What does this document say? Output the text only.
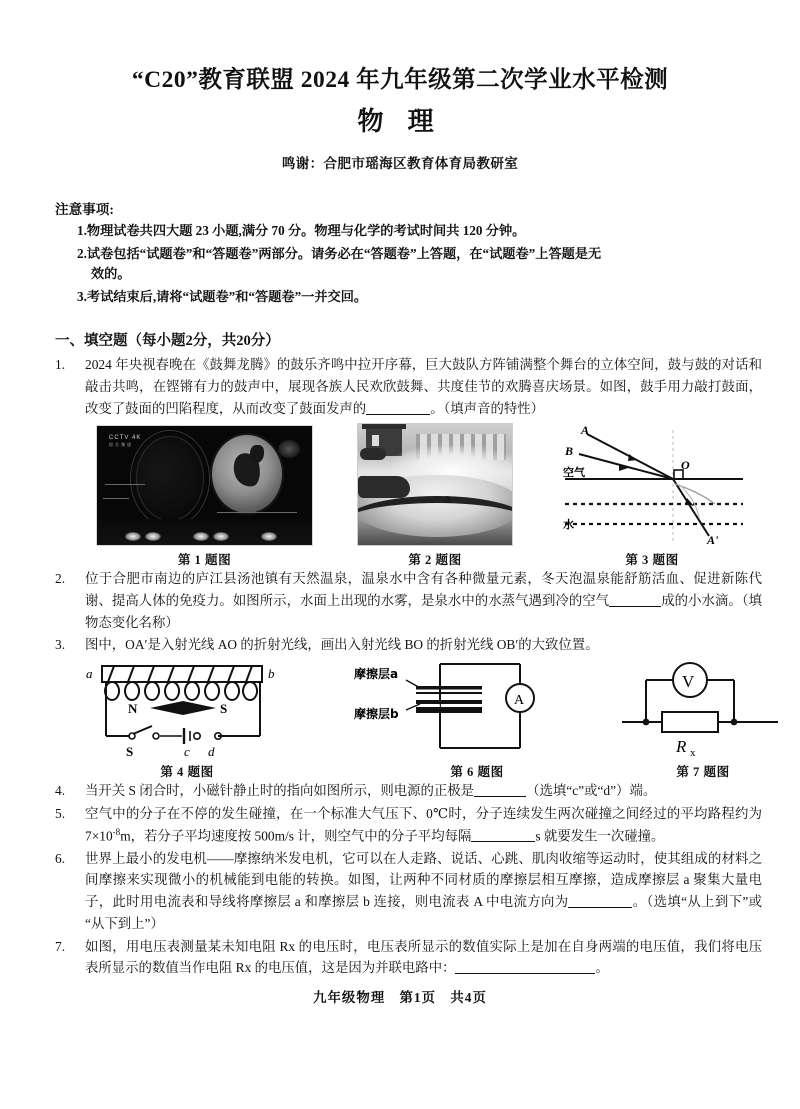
“C20”教育联盟 2024 年九年级第二次学业水平检测
物 理
鸣谢：合肥市瑶海区教育体育局教研室
注意事项:
1.物理试卷共四大题 23 小题,满分 70 分。物理与化学的考试时间共 120 分钟。
2.试卷包括“试题卷”和“答题卷”两部分。请务必在“答题卷”上答题，在“试题卷”上答题是无
效的。
3.考试结束后,请将“试题卷”和“答题卷”一并交回。
一、填空题（每小题2分，共20分）
1.	2024 年央视春晚在《鼓舞龙腾》的鼓乐齐鸣中拉开序幕，巨大鼓队方阵铺满整个舞台的立体空间，鼓与鼓的对话和敲击共鸣，在铿锵有力的鼓声中，展现各族人民欢欣鼓舞、共度佳节的欢腾喜庆场景。如图，鼓手用力敲打鼓面，改变了鼓面的凹陷程度，从而改变了鼓面发声的	。（填声音的特性）
CCTV 4K
综合频道
第 1 题图	第 2 题图
A
B
O
A'
空气
水
第 3 题图
2.	位于合肥市南边的庐江县汤池镇有天然温泉，温泉水中含有各种微量元素，冬天泡温泉能舒筋活血、促进新陈代谢、提高人体的免疫力。如图所示，水面上出现的水雾，是泉水中的水蒸气遇到冷的空气	成的小水滴。（填物态变化名称）
3.	图中，OA′是入射光线 AO 的折射光线，画出入射光线 BO 的折射光线 OB′的大致位置。
N	S
a	b
S	c d
第 4 题图
A
摩擦层a
摩擦层b
第 6 题图
V
R x
第 7 题图
4.	当开关 S 闭合时，小磁针静止时的指向如图所示，则电源的正极是	（选填“c”或“d”）端。
5.	空气中的分子在不停的发生碰撞，在一个标准大气压下、0℃时，分子连续发生两次碰撞之间经过的平均路程约为 $7\times 10^{-8}m$，若分子平均速度按 500m/s 计，则空气中的分子平均每隔	s 就要发生一次碰撞。
6.	世界上最小的发电机——摩擦纳米发电机，它可以在人走路、说话、心跳、肌肉收缩等运动时，使其组成的材料之间摩擦来实现微小的机械能到电能的转换。如图，让两种不同材质的摩擦层相互摩擦，造成摩擦层 a 聚集大量电子，此时用电流表和导线将摩擦层 a 和摩擦层 b 连接，则电流表 A 中电流方向为	。（选填“从上到下”或“从下到上”）
7.	如图，用电压表测量某未知电阻 Rx 的电压时，电压表所显示的数值实际上是加在自身两端的电压值，我们将电压表所显示的数值当作电阻 Rx 的电压值，这是因为并联电路中：	。
九年级物理　第1页　共4页
